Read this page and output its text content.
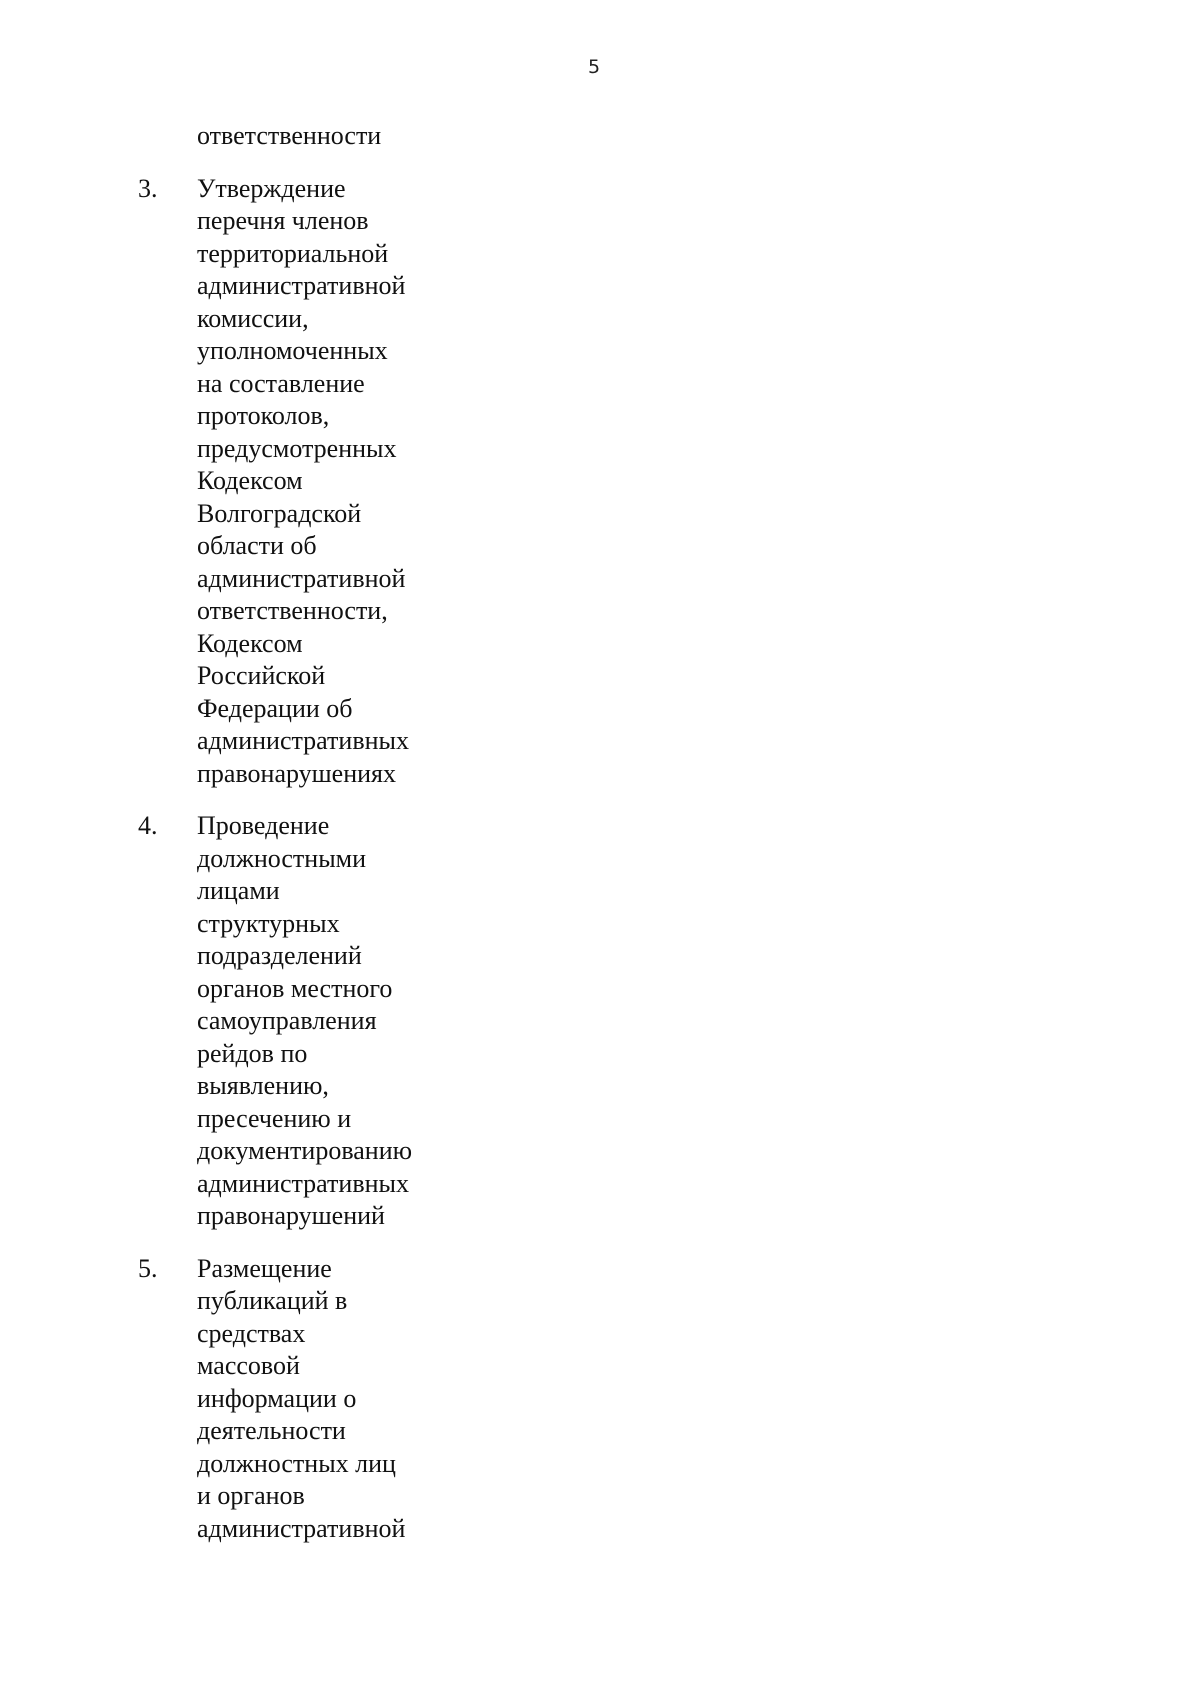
5
ответственности
3.	Утверждение
перечня членов
территориальной
административной
комиссии,
уполномоченных
на составление
протоколов,
предусмотренных
Кодексом
Волгоградской
области об
административной
ответственности,
Кодексом
Российской
Федерации об
административных
правонарушениях
4.	Проведение
должностными
лицами
структурных
подразделений
органов местного
самоуправления
рейдов по
выявлению,
пресечению и
документированию
административных
правонарушений
5.	Размещение
публикаций в
средствах
массовой
информации о
деятельности
должностных лиц
и органов
административной
